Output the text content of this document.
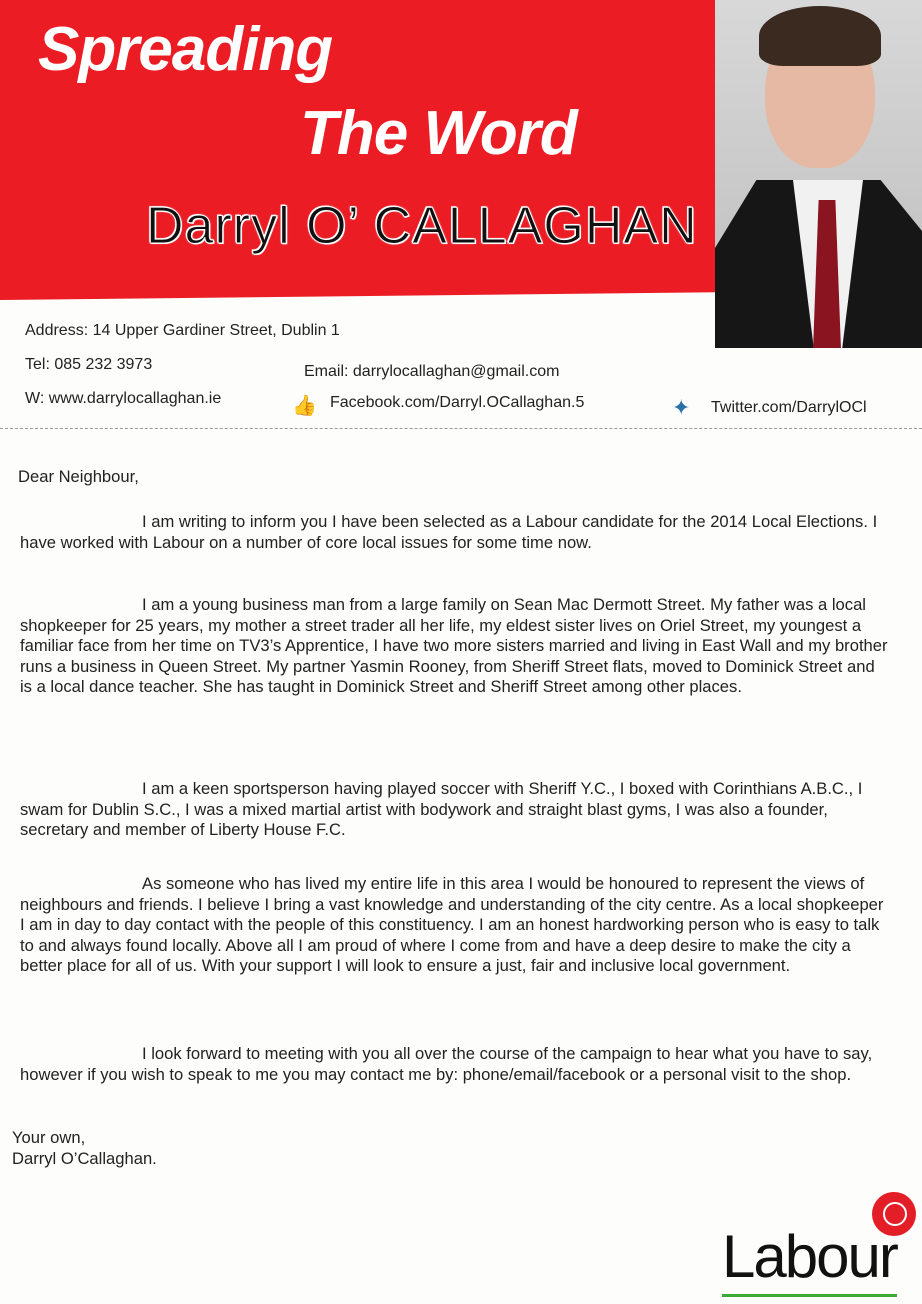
Spreading
The Word
Darryl O’ CALLAGHAN
Address: 14 Upper Gardiner Street, Dublin 1
Tel: 085 232 3973	Email: darrylocallaghan@gmail.com
W: www.darrylocallaghan.ie	👍 Facebook.com/Darryl.OCallaghan.5	✦ Twitter.com/DarrylOCl
Dear Neighbour,

I am writing to inform you I have been selected as a Labour candidate for the 2014 Local Elections. I have worked with Labour on a number of core local issues for some time now.

I am a young business man from a large family on Sean Mac Dermott Street. My father was a local shopkeeper for 25 years, my mother a street trader all her life, my eldest sister lives on Oriel Street, my youngest a familiar face from her time on TV3’s Apprentice, I have two more sisters married and living in East Wall and my brother runs a business in Queen Street. My partner Yasmin Rooney, from Sheriff Street flats, moved to Dominick Street and is a local dance teacher. She has taught in Dominick Street and Sheriff Street among other places.

I am a keen sportsperson having played soccer with Sheriff Y.C., I boxed with Corinthians A.B.C., I swam for Dublin S.C., I was a mixed martial artist with bodywork and straight blast gyms, I was also a founder, secretary and member of Liberty House F.C.

As someone who has lived my entire life in this area I would be honoured to represent the views of neighbours and friends. I believe I bring a vast knowledge and understanding of the city centre. As a local shopkeeper I am in day to day contact with the people of this constituency. I am an honest hardworking person who is easy to talk to and always found locally. Above all I am proud of where I come from and have a deep desire to make the city a better place for all of us. With your support I will look to ensure a just, fair and inclusive local government.

I look forward to meeting with you all over the course of the campaign to hear what you have to say, however if you wish to speak to me you may contact me by: phone/email/facebook or a personal visit to the shop.

Your own,
Darryl O’Callaghan.
Labour
